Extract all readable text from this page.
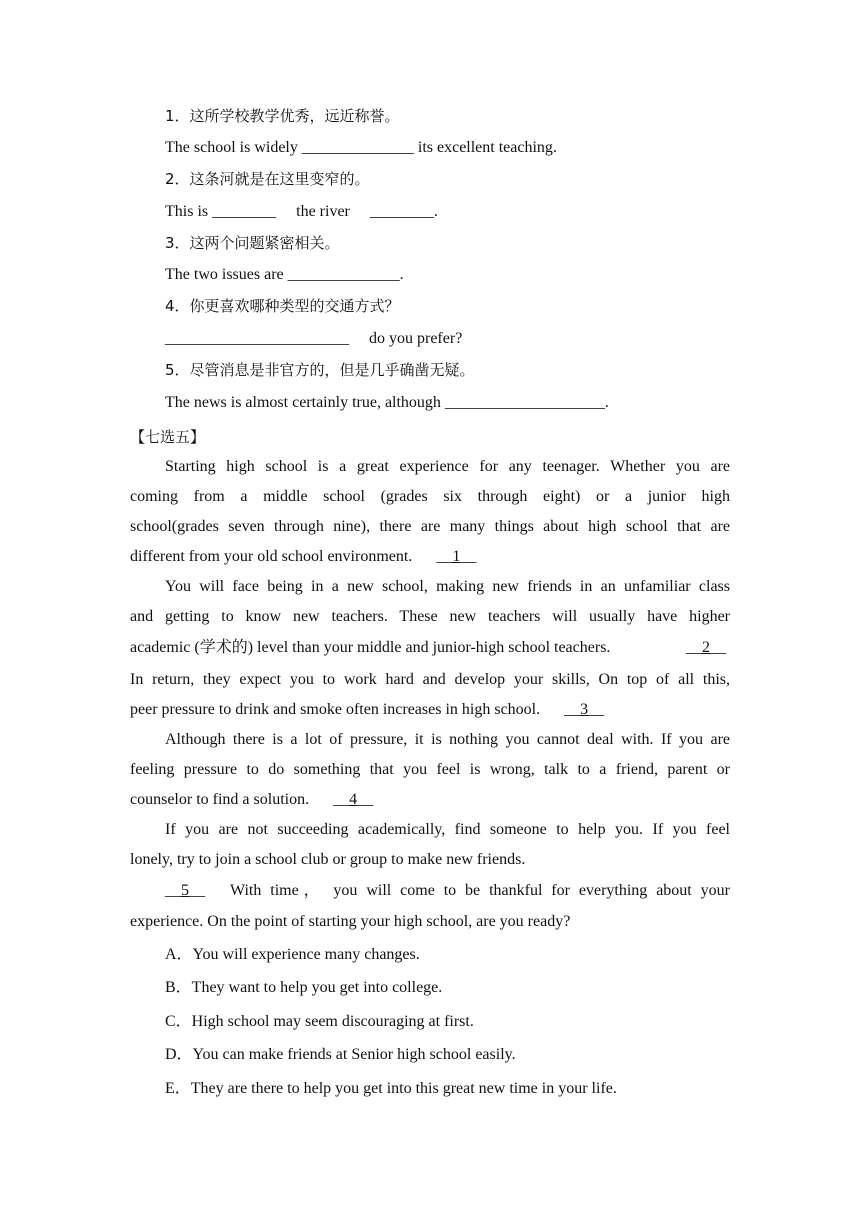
1．这所学校教学优秀，远近称誉。
The school is widely ______________ its excellent teaching.
2．这条河就是在这里变窄的。
This is ________     the river     ________.
3．这两个问题紧密相关。
The two issues are ______________.
4．你更喜欢哪种类型的交通方式？
_______________________     do you prefer?
5．尽管消息是非官方的，但是几乎确凿无疑。
The news is almost certainly true, although ____________________.
【七选五】
Starting high school is a great experience for any teenager. Whether you are
coming from a middle school (grades six through eight) or a junior high
school(grades seven through nine), there are many things about high school that are
different from your old school environment.      __1__
You will face being in a new school, making new friends in an unfamiliar class
and getting to know new teachers. These new teachers will usually have higher
academic (学术的) level than your middle and junior-high school teachers.	__2__
In return, they expect you to work hard and develop your skills, On top of all this,
peer pressure to drink and smoke often increases in high school.      __3__
Although there is a lot of pressure, it is nothing you cannot deal with. If you are
feeling pressure to do something that you feel is wrong, talk to a friend, parent or
counselor to find a solution.      __4__
If you are not succeeding academically, find someone to help you. If you feel
lonely, try to join a school club or group to make new friends.
__5__ With time， you will come to be thankful for everything about your
experience. On the point of starting your high school, are you ready?
A．You will experience many changes.
B．They want to help you get into college.
C．High school may seem discouraging at first.
D．You can make friends at Senior high school easily.
E．They are there to help you get into this great new time in your life.
